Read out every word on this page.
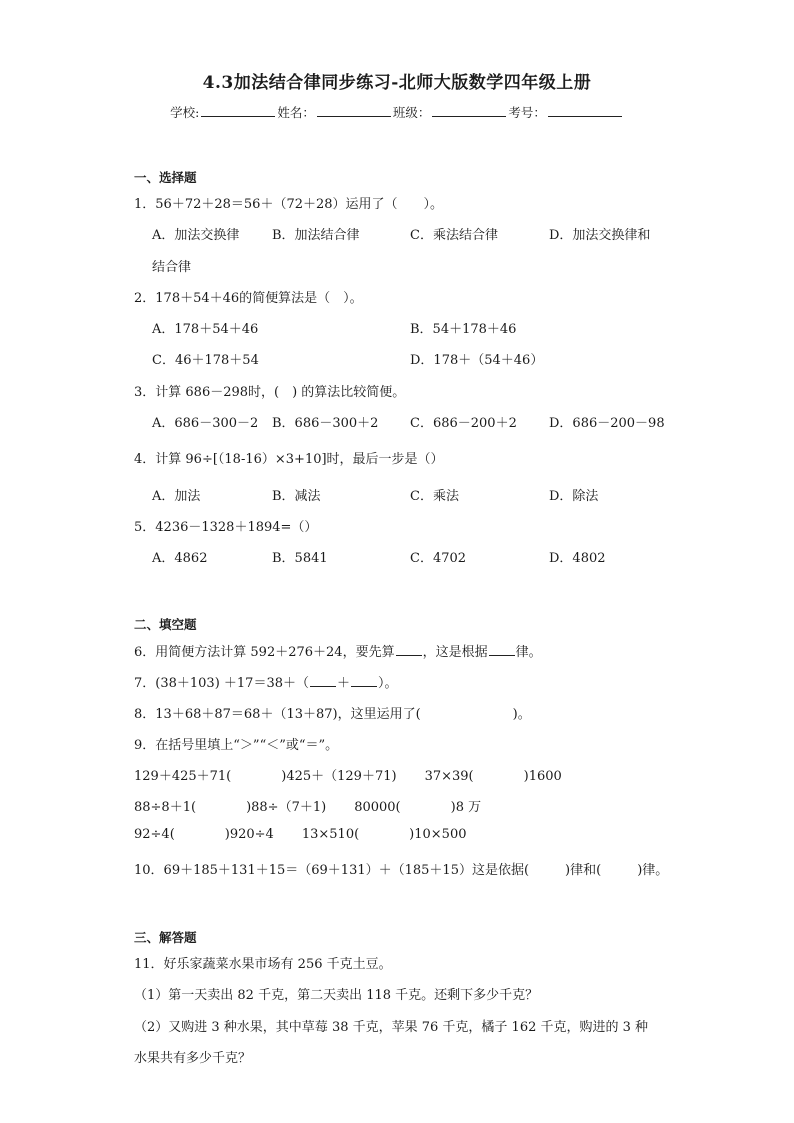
4.3加法结合律同步练习-北师大版数学四年级上册
学校:	姓名：	班级：	考号：
一、选择题
1．56＋72＋28＝56＋（72＋28）运用了（　　）。
A．加法交换律	B．加法结合律	C．乘法结合律	D．加法交换律和
结合律
2．178＋54＋46的简便算法是（　）。
A．178＋54＋46	B．54＋178＋46
C．46＋178＋54	D．178＋（54＋46）
3．计算 686－298时，(　) 的算法比较简便。
A．686－300－2 B．686－300＋2 C．686－200＋2 D．686－200－98
4．计算 96÷[（18-16）×3+10]时，最后一步是（）
A．加法	B．减法	C．乘法	D．除法
5．4236－1328＋1894=（）
A．4862	B．5841	C．4702	D．4802
二、填空题
6．用简便方法计算 592＋276＋24，要先算 ，这是根据 律。
7．(38＋103) ＋17＝38＋（ ＋ ）。
8．13＋68＋87＝68＋（13＋87)，这里运用了(	)。
9．在括号里填上“＞”“＜”或“＝”。
129＋425＋71(	)425＋（129＋71) 37×39(	)1600
88÷8＋1(	)88÷（7＋1) 80000(	)8 万
92÷4(	)920÷4 13×510(	)10×500
10．69＋185＋131＋15＝（69＋131）＋（185＋15）这是依据(	)律和(	)律。
三、解答题
11．好乐家蔬菜水果市场有 256 千克土豆。
（1）第一天卖出 82 千克，第二天卖出 118 千克。还剩下多少千克？
（2）又购进 3 种水果，其中草莓 38 千克，苹果 76 千克，橘子 162 千克，购进的 3 种
水果共有多少千克？
